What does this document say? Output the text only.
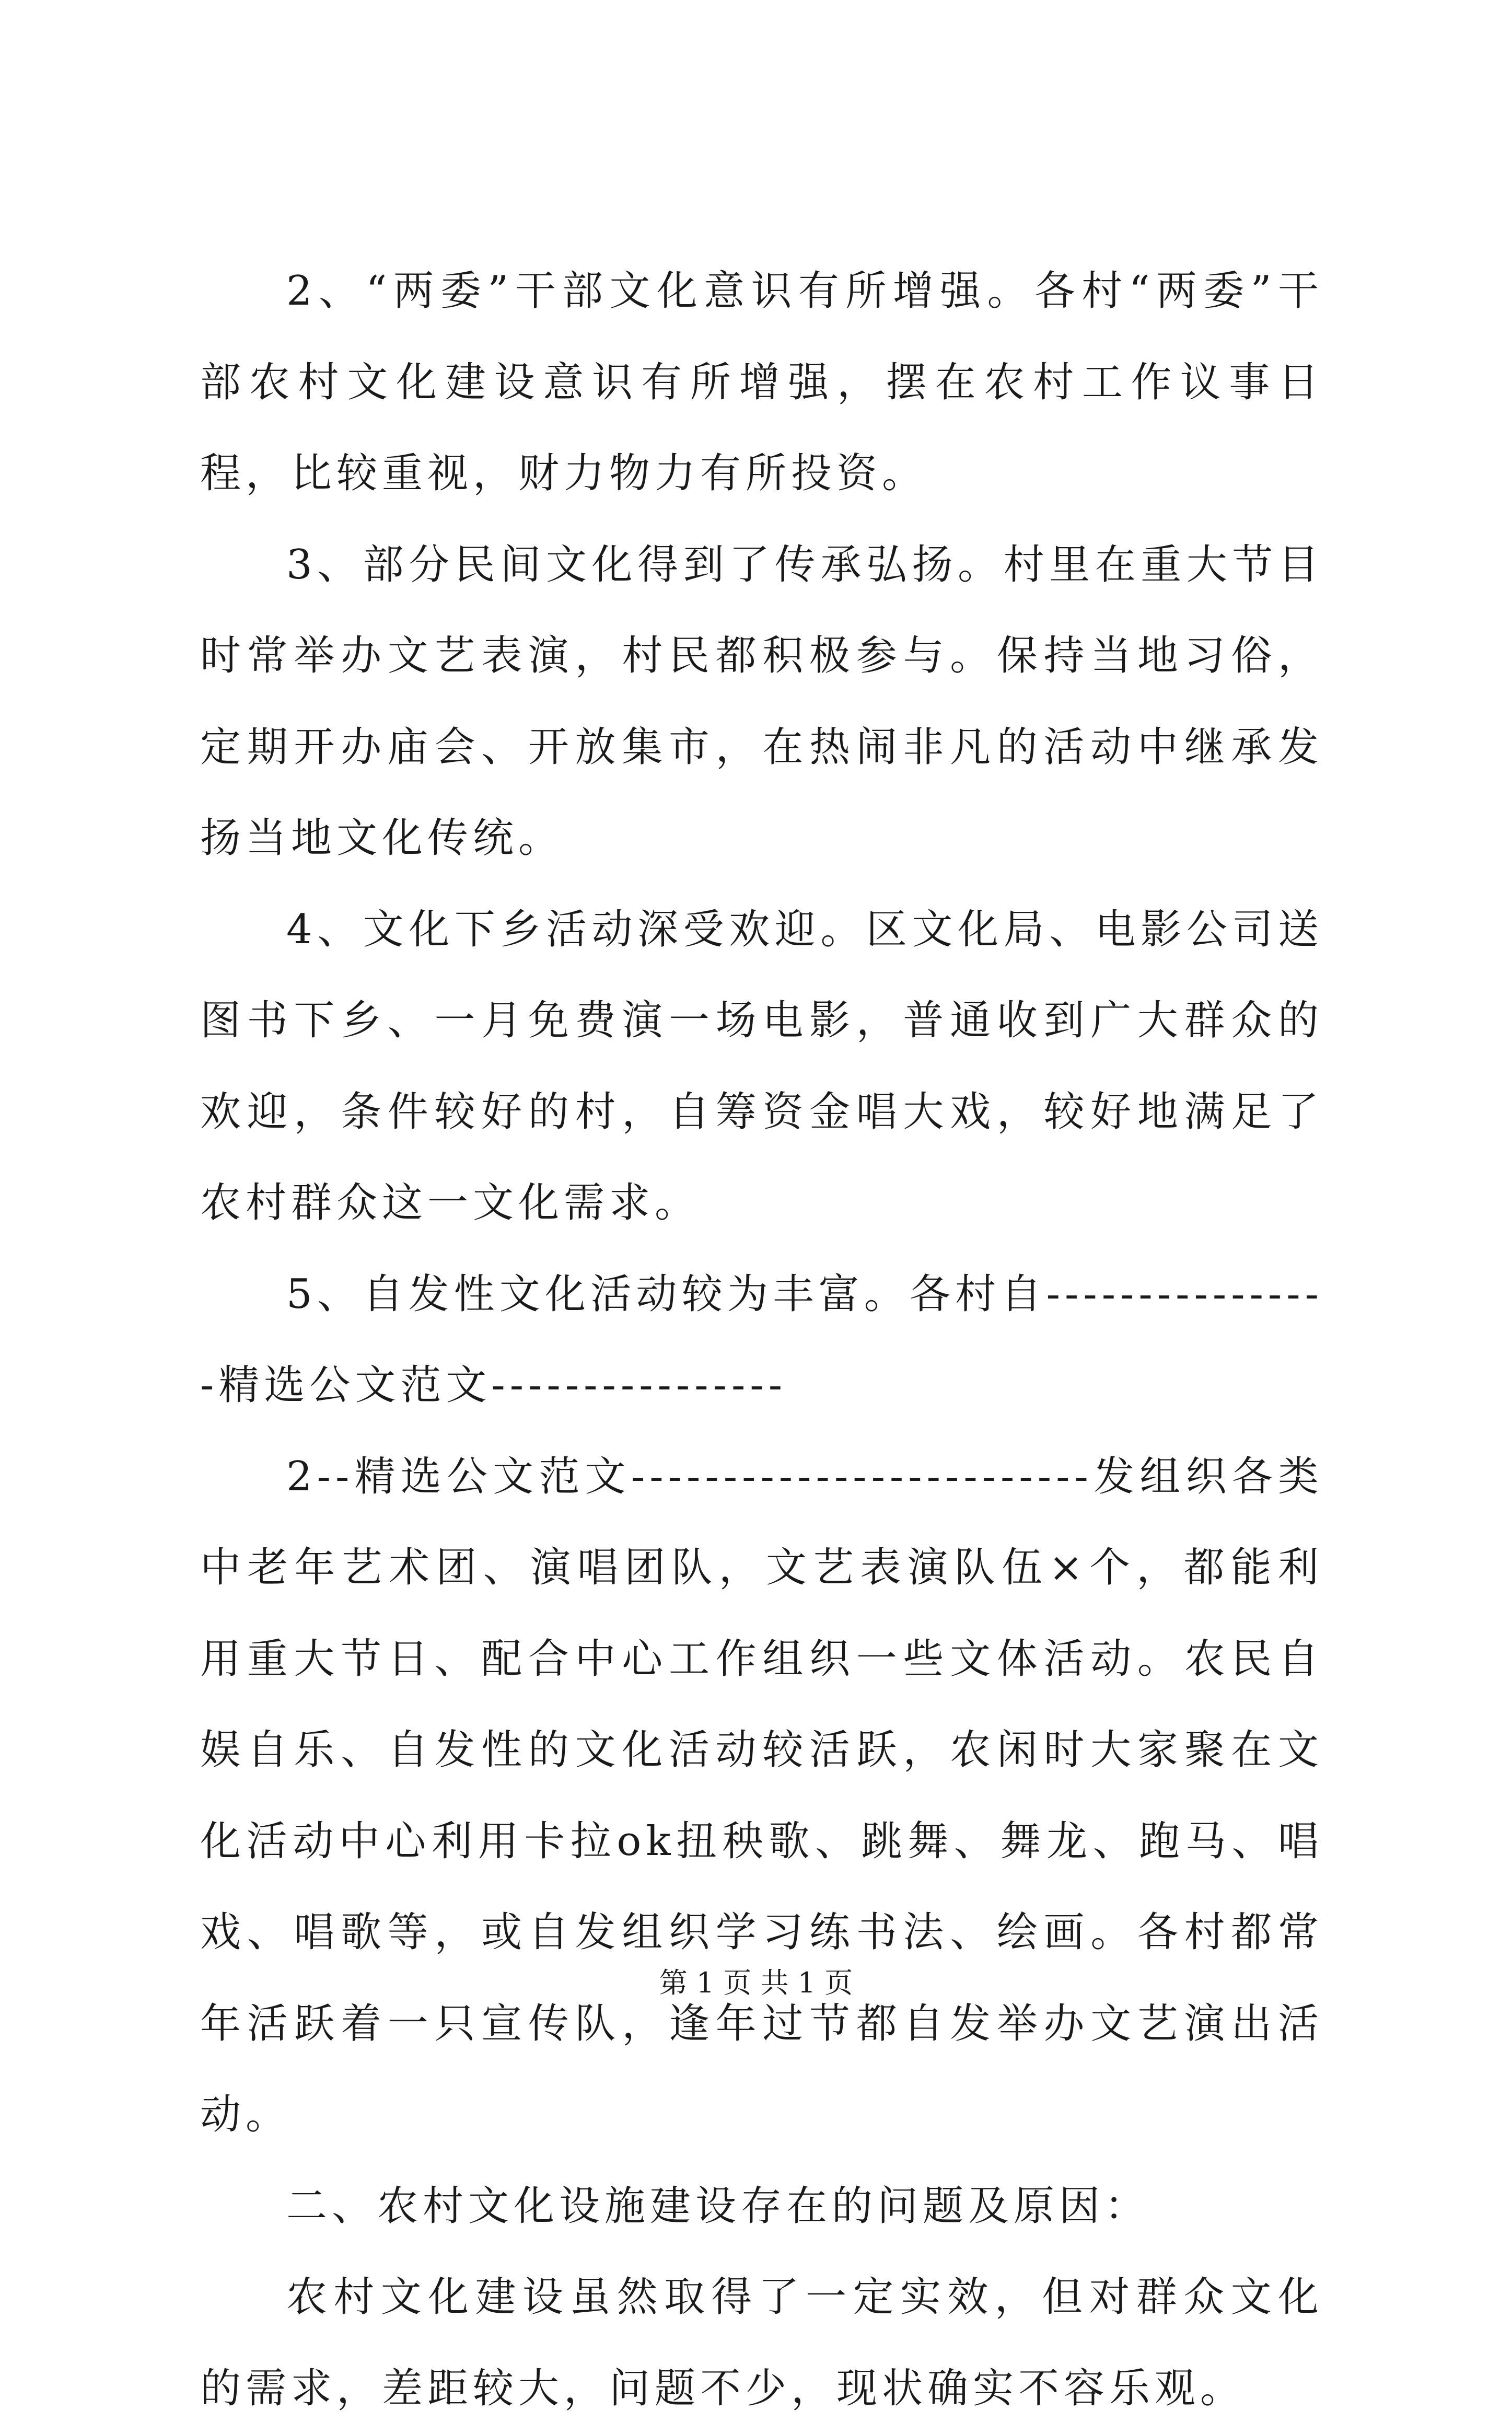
2、“两委”干部文化意识有所增强。各村“两委”干部农村文化建设意识有所增强，摆在农村工作议事日程，比较重视，财力物力有所投资。

3、部分民间文化得到了传承弘扬。村里在重大节目时常举办文艺表演，村民都积极参与。保持当地习俗，定期开办庙会、开放集市，在热闹非凡的活动中继承发扬当地文化传统。

4、文化下乡活动深受欢迎。区文化局、电影公司送图书下乡、一月免费演一场电影，普通收到广大群众的欢迎，条件较好的村，自筹资金唱大戏，较好地满足了农村群众这一文化需求。

5、自发性文化活动较为丰富。各村自----------------精选公文范文----------------

2--精选公文范文-------------------------发组织各类中老年艺术团、演唱团队，文艺表演队伍×个，都能利用重大节日、配合中心工作组织一些文体活动。农民自娱自乐、自发性的文化活动较活跃，农闲时大家聚在文化活动中心利用卡拉ok扭秧歌、跳舞、舞龙、跑马、唱戏、唱歌等，或自发组织学习练书法、绘画。各村都常年活跃着一只宣传队，逢年过节都自发举办文艺演出活动。

二、农村文化设施建设存在的问题及原因：

农村文化建设虽然取得了一定实效，但对群众文化的需求，差距较大，问题不少，现状确实不容乐观。

第 1 页 共 1 页
